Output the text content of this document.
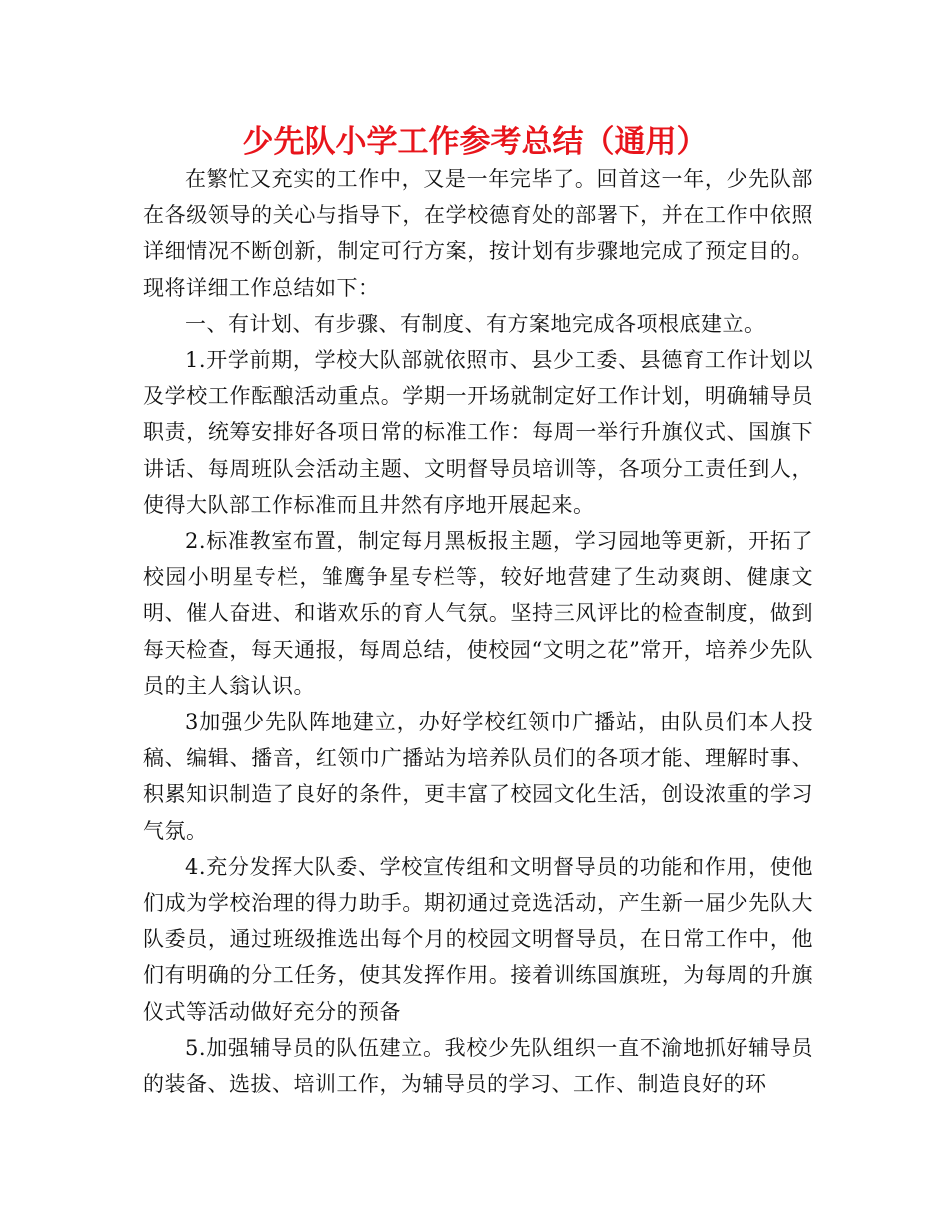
少先队小学工作参考总结（通用）

在繁忙又充实的工作中，又是一年完毕了。回首这一年，少先队部在各级领导的关心与指导下，在学校德育处的部署下，并在工作中依照详细情况不断创新，制定可行方案，按计划有步骤地完成了预定目的。现将详细工作总结如下：

一、有计划、有步骤、有制度、有方案地完成各项根底建立。

1.开学前期，学校大队部就依照市、县少工委、县德育工作计划以及学校工作酝酿活动重点。学期一开场就制定好工作计划，明确辅导员职责，统筹安排好各项日常的标准工作：每周一举行升旗仪式、国旗下讲话、每周班队会活动主题、文明督导员培训等，各项分工责任到人，使得大队部工作标准而且井然有序地开展起来。

2.标准教室布置，制定每月黑板报主题，学习园地等更新，开拓了校园小明星专栏，雏鹰争星专栏等，较好地营建了生动爽朗、健康文明、催人奋进、和谐欢乐的育人气氛。坚持三风评比的检查制度，做到每天检查，每天通报，每周总结，使校园“文明之花”常开，培养少先队员的主人翁认识。

3加强少先队阵地建立，办好学校红领巾广播站，由队员们本人投稿、编辑、播音，红领巾广播站为培养队员们的各项才能、理解时事、积累知识制造了良好的条件，更丰富了校园文化生活，创设浓重的学习气氛。

4.充分发挥大队委、学校宣传组和文明督导员的功能和作用，使他们成为学校治理的得力助手。期初通过竞选活动，产生新一届少先队大队委员，通过班级推选出每个月的校园文明督导员，在日常工作中，他们有明确的分工任务，使其发挥作用。接着训练国旗班，为每周的升旗仪式等活动做好充分的预备

5.加强辅导员的队伍建立。我校少先队组织一直不渝地抓好辅导员的装备、选拔、培训工作，为辅导员的学习、工作、制造良好的环
